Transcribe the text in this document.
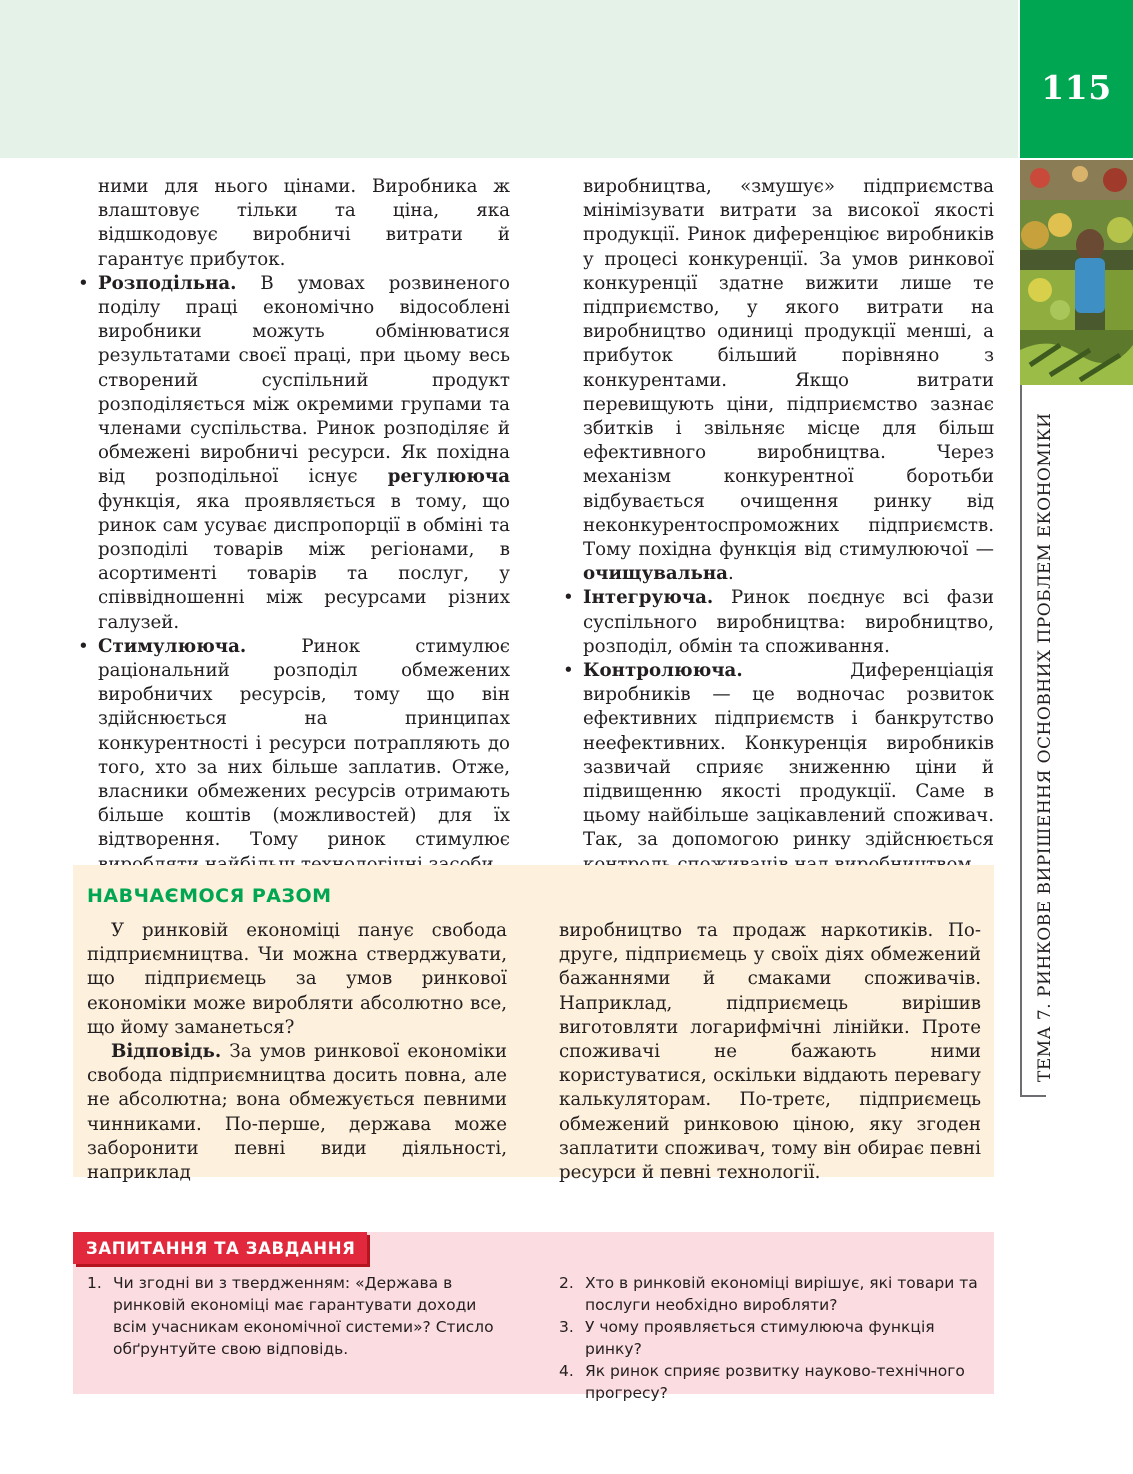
115
ТЕМА 7. РИНКОВЕ ВИРІШЕННЯ ОСНОВНИХ ПРОБЛЕМ ЕКОНОМІКИ

ними для нього цінами. Виробника ж влаштовує тільки та ціна, яка відшкодовує виробничі витрати й гарантує прибуток.

• Розподільна. В умовах розвиненого поділу праці економічно відособлені виробники можуть обмінюватися результатами своєї праці, при цьому весь створений суспільний продукт розподіляється між окремими групами та членами суспільства. Ринок розподіляє й обмежені виробничі ресурси. Як похідна від розподільної існує регулююча функція, яка проявляється в тому, що ринок сам усуває диспропорції в обміні та розподілі товарів між регіонами, в асортименті товарів та послуг, у співвідношенні між ресурсами різних галузей.

• Стимулююча.	Ринок стимулює раціональний розподіл обмежених виробничих ресурсів, тому що він здійснюється на принципах конкурентності і ресурси потрапляють до того, хто за них більше заплатив. Отже, власники обмежених ресурсів отримають більше коштів (можливостей) для їх відтворення. Тому ринок стимулює

виробництва, «змушує» підприємства мінімізувати витрати за високої якості продукції. Ринок диференціює виробників у процесі конкуренції. За умов ринкової конкуренції здатне вижити лише те підприємство, у якого витрати на виробництво одиниці продукції менші, а прибуток більший порівняно з конкурентами. Якщо витрати перевищують ціни, підприємство зазнає збитків і звільняє місце для більш ефективного виробництва. Через механізм конкурентної боротьби відбувається очищення ринку від неконкурентоспроможних підприємств. Тому похідна функція від стимулюючої — очищувальна.

• Інтегруюча. Ринок поєднує всі фази суспільного виробництва: виробництво, розподіл, обмін та споживання.

• Контролююча.	Диференціація виробників — це водночас розвиток ефективних підприємств і банкрутство неефективних. Конкуренція виробників зазвичай сприяє зниженню ціни й підвищенню якості продукції. Саме в цьому найбільше зацікавлений споживач. Так, за допомогою ринку здійснюється

НАВЧАЄМОСЯ РАЗОМ

У ринковій економіці панує свобода підприємництва. Чи можна стверджувати, що підприємець за умов ринкової економіки може виробляти абсолютно все, що йому заманеться?

Відповідь. За умов ринкової економіки свобода підприємництва досить повна, але не абсолютна; вона обмежується певними чинниками. По-перше, держава може заборонити певні види діяльності, наприклад

виробництво та продаж наркотиків. По-друге, підприємець у своїх діях обмежений бажаннями й смаками споживачів. Наприклад, підприємець вирішив виготовляти логарифмічні лінійки. Проте споживачі не бажають ними користуватися, оскільки віддають перевагу калькуляторам. По-третє, підприємець обмежений ринковою ціною, яку згоден заплатити споживач, тому він обирає певні ресурси й певні технології.

ЗАПИТАННЯ ТА ЗАВДАННЯ
1. Чи згодні ви з твердженням: «Держава в ринковій економіці має гарантувати доходи всім учасникам економічної системи»? Стисло обґрунтуйте свою відповідь.
2. Хто в ринковій економіці вирішує, які товари та послуги необхідно виробляти?
3. У чому проявляється стимулююча функція ринку?
4. Як ринок сприяє розвитку науково-технічного прогресу?
